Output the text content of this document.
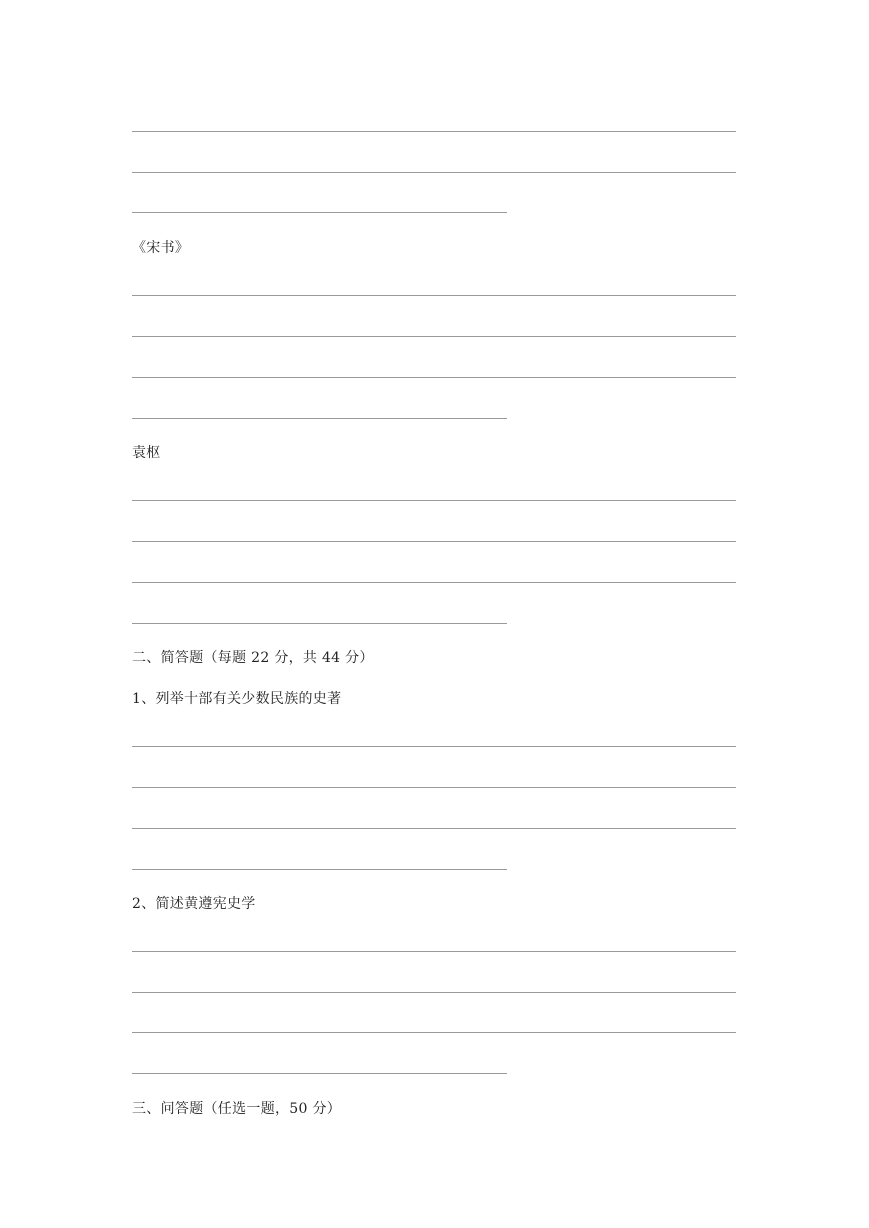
《宋书》
袁枢
二、简答题（每题 22 分，共 44 分）
1、列举十部有关少数民族的史著
2、简述黄遵宪史学
三、问答题（任选一题，50 分）
